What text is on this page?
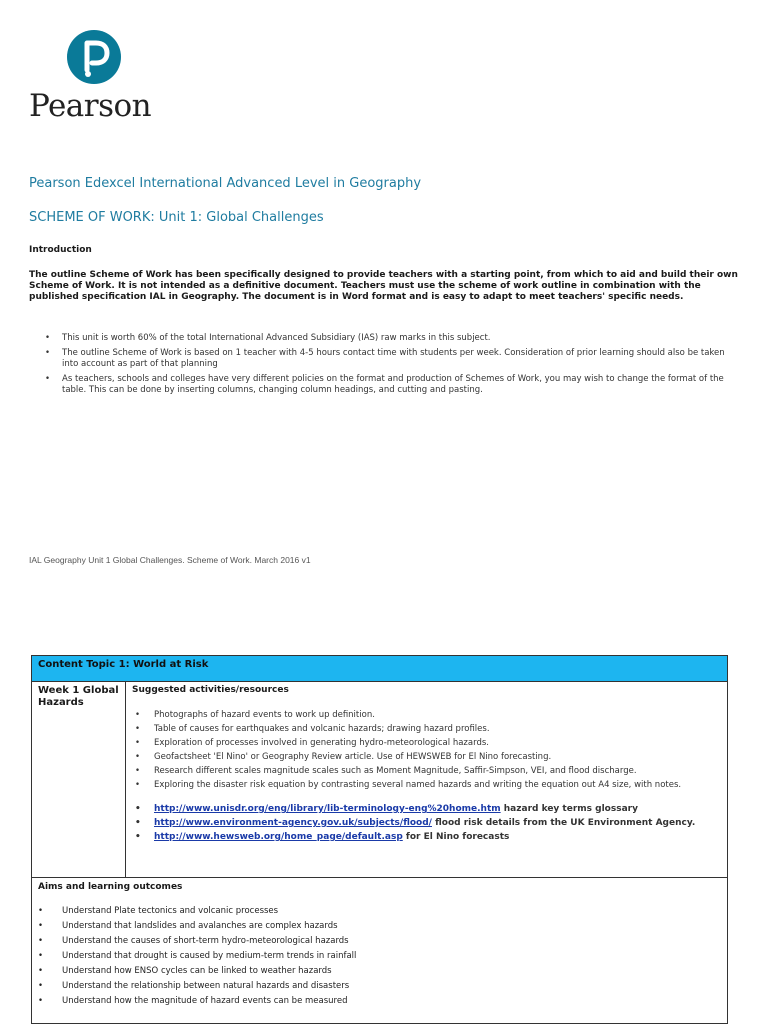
Pearson
Pearson Edexcel International Advanced Level in Geography
SCHEME OF WORK: Unit 1: Global Challenges
Introduction
The outline Scheme of Work has been specifically designed to provide teachers with a starting point, from which to aid and build their own Scheme of Work. It is not intended as a definitive document. Teachers must use the scheme of work outline in combination with the published specification IAL in Geography. The document is in Word format and is easy to adapt to meet teachers' specific needs.
• This unit is worth 60% of the total International Advanced Subsidiary (IAS) raw marks in this subject.
• The outline Scheme of Work is based on 1 teacher with 4-5 hours contact time with students per week. Consideration of prior learning should also be taken into account as part of that planning
• As teachers, schools and colleges have very different policies on the format and production of Schemes of Work, you may wish to change the format of the table. This can be done by inserting columns, changing column headings, and cutting and pasting.
IAL Geography Unit 1 Global Challenges. Scheme of Work. March 2016 v1
Content Topic 1: World at Risk
Week 1 Global Hazards
Suggested activities/resources
• Photographs of hazard events to work up definition.
• Table of causes for earthquakes and volcanic hazards; drawing hazard profiles.
• Exploration of processes involved in generating hydro-meteorological hazards.
• Geofactsheet 'El Nino' or Geography Review article. Use of HEWSWEB for El Nino forecasting.
• Research different scales magnitude scales such as Moment Magnitude, Saffir-Simpson, VEI, and flood discharge.
• Exploring the disaster risk equation by contrasting several named hazards and writing the equation out A4 size, with notes.
• http://www.unisdr.org/eng/library/lib-terminology-eng%20home.htm hazard key terms glossary
• http://www.environment-agency.gov.uk/subjects/flood/ flood risk details from the UK Environment Agency.
• http://www.hewsweb.org/home_page/default.asp for El Nino forecasts
Aims and learning outcomes
• Understand Plate tectonics and volcanic processes
• Understand that landslides and avalanches are complex hazards
• Understand the causes of short-term hydro-meteorological hazards
• Understand that drought is caused by medium-term trends in rainfall
• Understand how ENSO cycles can be linked to weather hazards
• Understand the relationship between natural hazards and disasters
• Understand how the magnitude of hazard events can be measured
